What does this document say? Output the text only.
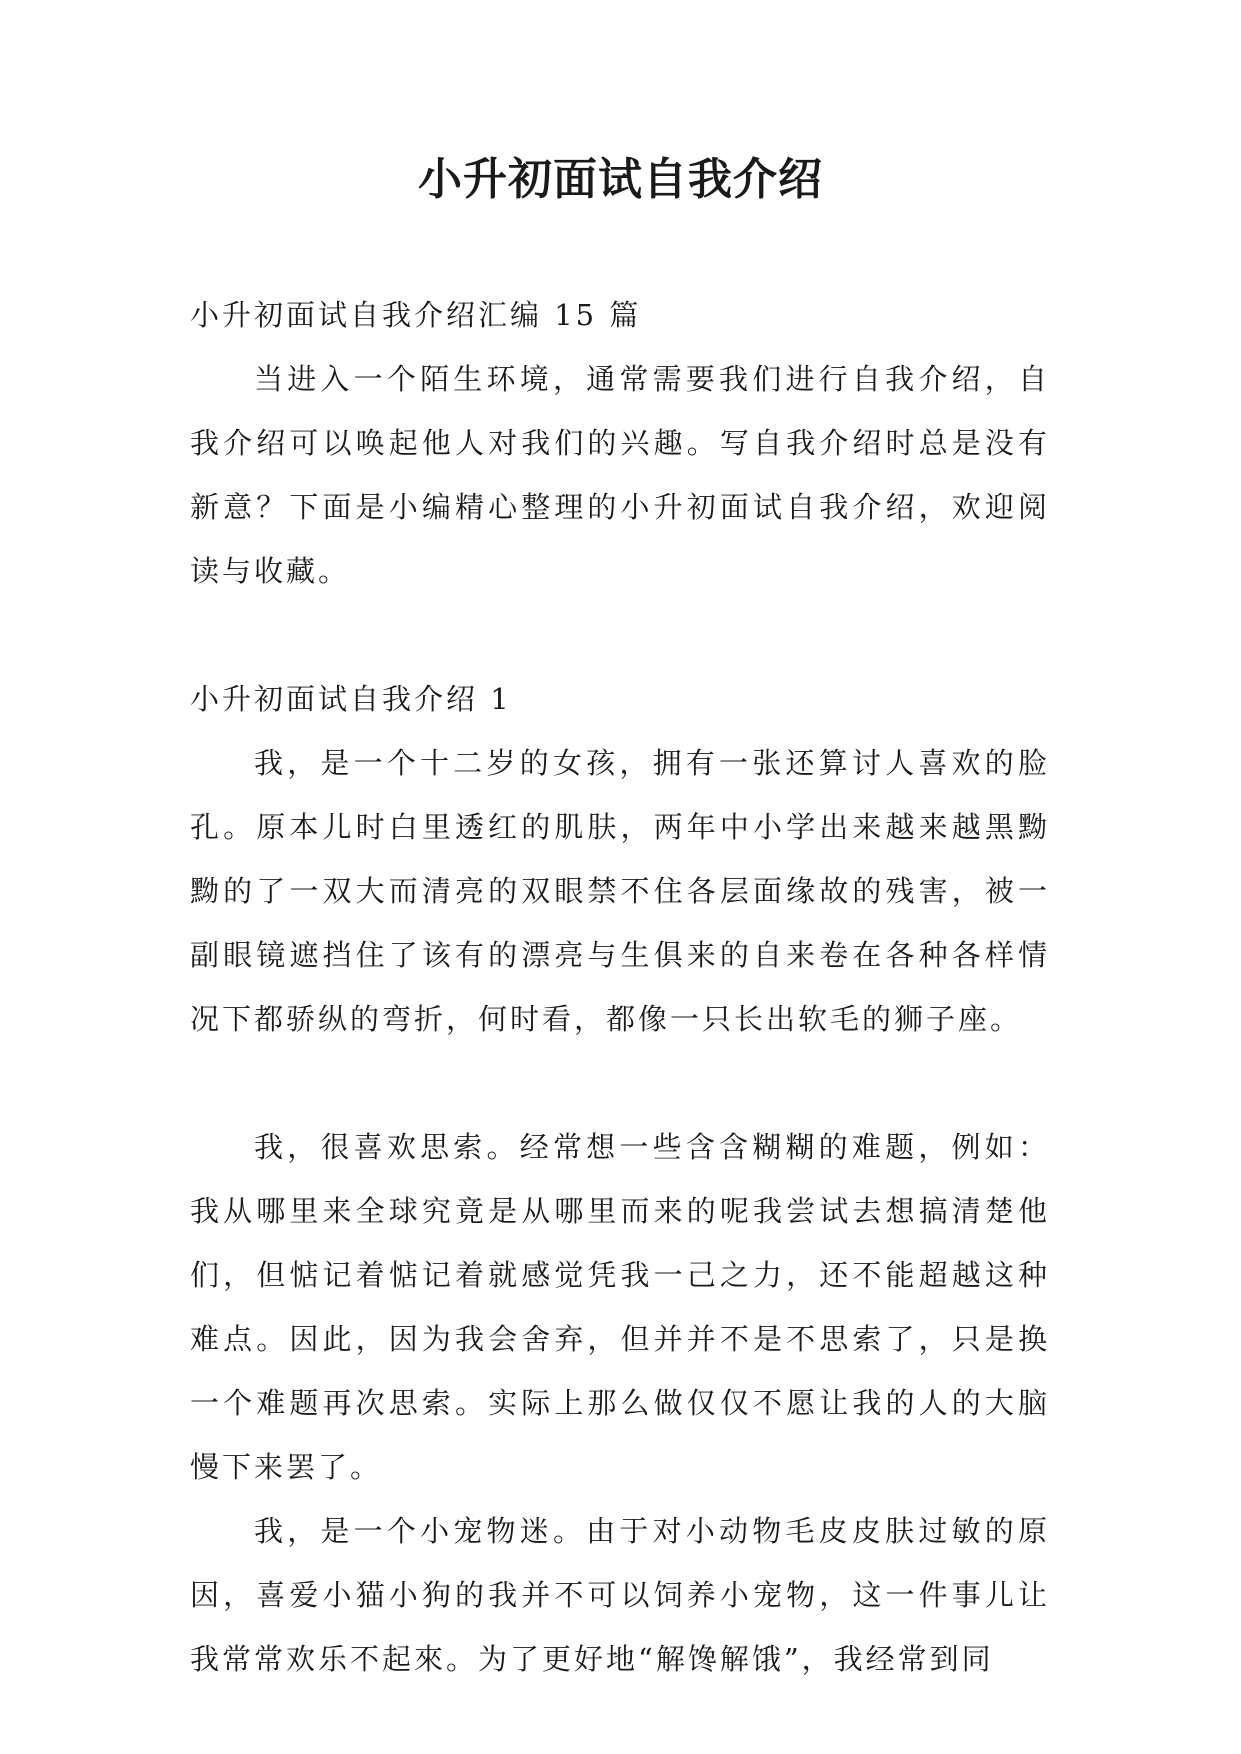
小升初面试自我介绍

小升初面试自我介绍汇编 15 篇

当进入一个陌生环境，通常需要我们进行自我介绍，自我介绍可以唤起他人对我们的兴趣。写自我介绍时总是没有新意？下面是小编精心整理的小升初面试自我介绍，欢迎阅读与收藏。

小升初面试自我介绍 1

我，是一个十二岁的女孩，拥有一张还算讨人喜欢的脸孔。原本儿时白里透红的肌肤，两年中小学出来越来越黑黝黝的了一双大而清亮的双眼禁不住各层面缘故的残害，被一副眼镜遮挡住了该有的漂亮与生俱来的自来卷在各种各样情况下都骄纵的弯折，何时看，都像一只长出软毛的狮子座。

我，很喜欢思索。经常想一些含含糊糊的难题，例如：我从哪里来全球究竟是从哪里而来的呢我尝试去想搞清楚他们，但惦记着惦记着就感觉凭我一己之力，还不能超越这种难点。因此，因为我会舍弃，但并并不是不思索了，只是换一个难题再次思索。实际上那么做仅仅不愿让我的人的大脑慢下来罢了。

我，是一个小宠物迷。由于对小动物毛皮皮肤过敏的原因，喜爱小猫小狗的我并不可以饲养小宠物，这一件事儿让我常常欢乐不起來。为了更好地“解馋解饿”，我经常到同
